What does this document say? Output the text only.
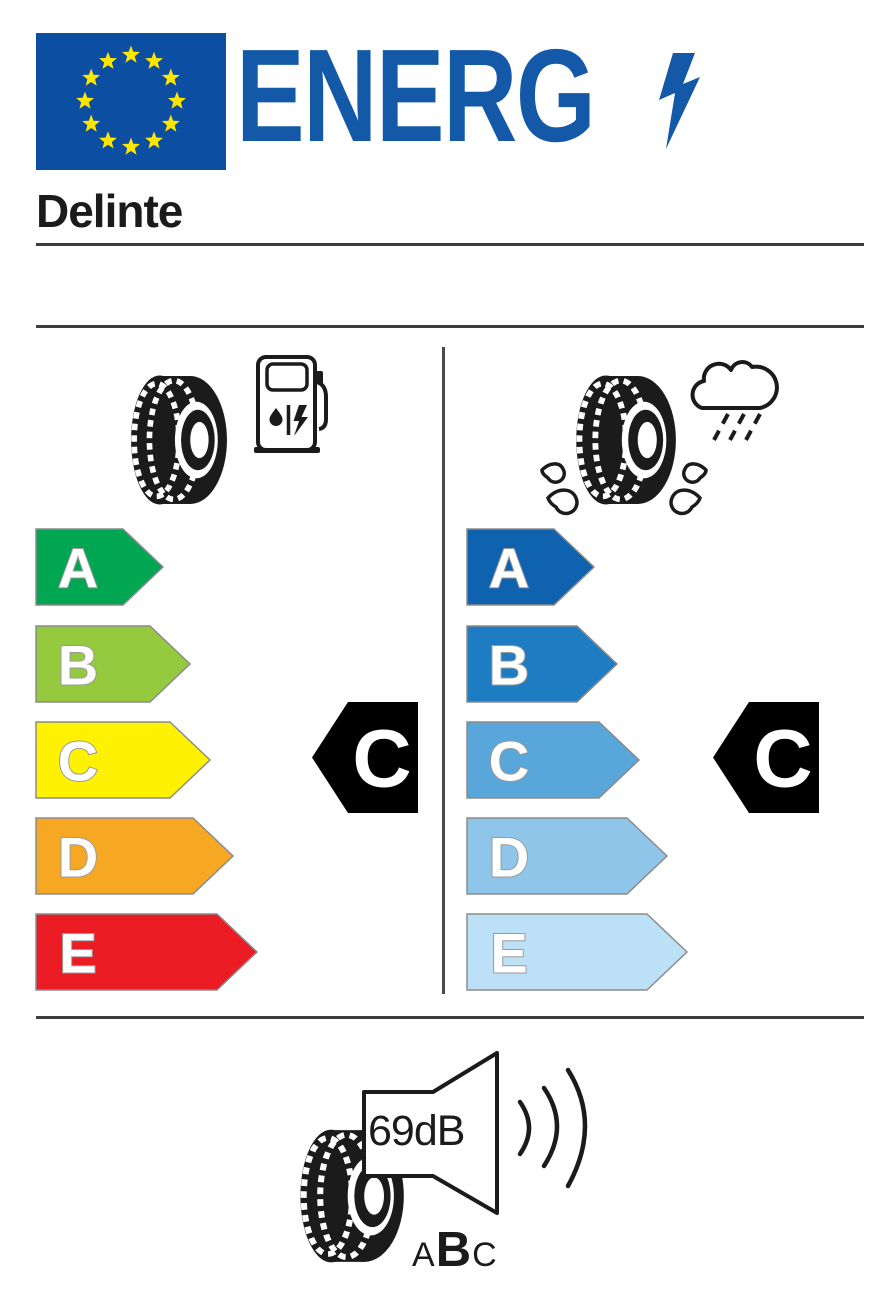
ENERG
Delinte
A
B
C
D
E
C
A
B
C
D
E
C
69dB
A B C
